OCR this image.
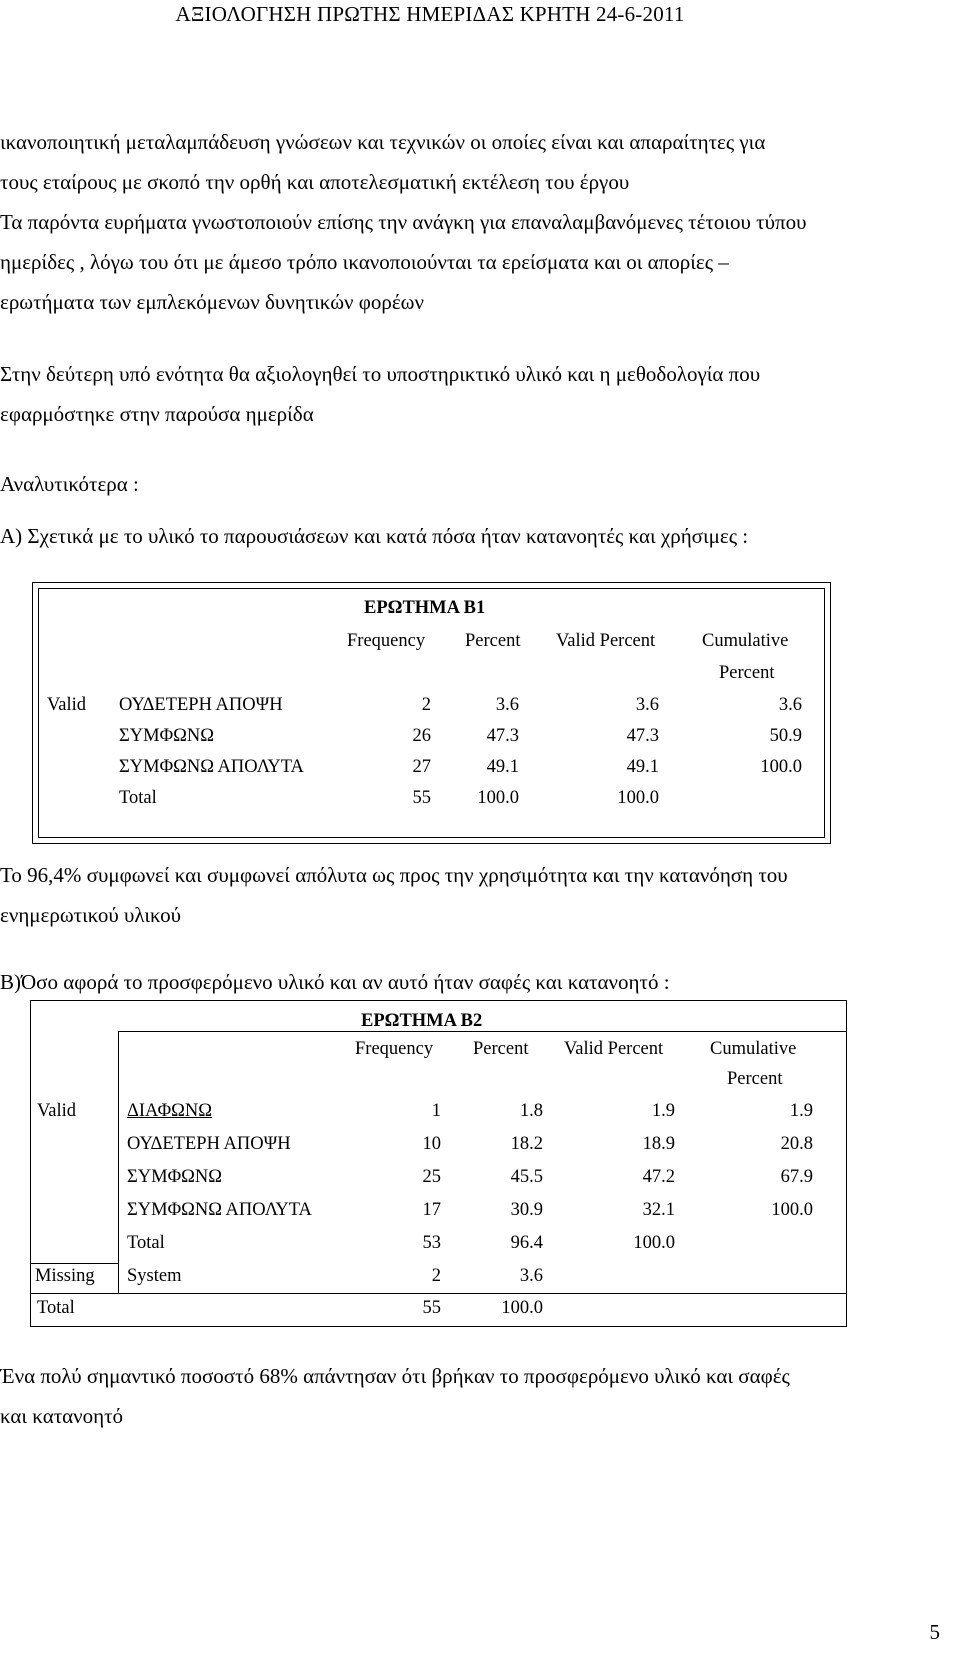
ΑΞΙΟΛΟΓΗΣΗ ΠΡΩΤΗΣ ΗΜΕΡΙΔΑΣ ΚΡΗΤΗ 24-6-2011

ικανοποιητική μεταλαμπάδευση γνώσεων και τεχνικών οι οποίες είναι και απαραίτητες για

τους εταίρους με σκοπό την ορθή και αποτελεσματική εκτέλεση του έργου

Τα παρόντα ευρήματα γνωστοποιούν επίσης την ανάγκη για επαναλαμβανόμενες τέτοιου τύπου

ημερίδες , λόγω του ότι με άμεσο τρόπο ικανοποιούνται τα ερείσματα και οι απορίες –

ερωτήματα των εμπλεκόμενων δυνητικών φορέων

Στην δεύτερη υπό ενότητα θα αξιολογηθεί το υποστηρικτικό υλικό και η μεθοδολογία που

εφαρμόστηκε στην παρούσα ημερίδα

Αναλυτικότερα :

Α) Σχετικά με το υλικό το παρουσιάσεων και κατά πόσα ήταν κατανοητές και χρήσιμες :

ΕΡΩΤΗΜΑ Β1
Frequency Percent Valid Percent	Cumulative
Percent
Valid ΟΥΔΕΤΕΡΗ ΑΠΟΨΗ	2	3.6	3.6	3.6
ΣΥΜΦΩΝΩ	26	47.3	47.3	50.9
ΣΥΜΦΩΝΩ ΑΠΟΛΥΤΑ	27	49.1	49.1	100.0
Total	55	100.0	100.0

Το 96,4% συμφωνεί και συμφωνεί απόλυτα ως προς την χρησιμότητα και την κατανόηση του

ενημερωτικού υλικού

Β)Όσο αφορά το προσφερόμενο υλικό και αν αυτό ήταν σαφές και κατανοητό :

ΕΡΩΤΗΜΑ Β2
Frequency Percent Valid Percent	Cumulative
Percent
Valid	ΔΙΑΦΩΝΩ	1	1.8	1.9	1.9
ΟΥΔΕΤΕΡΗ ΑΠΟΨΗ	10	18.2	18.9	20.8
ΣΥΜΦΩΝΩ	25	45.5	47.2	67.9
ΣΥΜΦΩΝΩ ΑΠΟΛΥΤΑ	17	30.9	32.1	100.0
Total	53	96.4	100.0
Missing System	2	3.6
Total	55	100.0

Ένα πολύ σημαντικό ποσοστό 68% απάντησαν ότι βρήκαν το προσφερόμενο υλικό και σαφές

και κατανοητό

5
